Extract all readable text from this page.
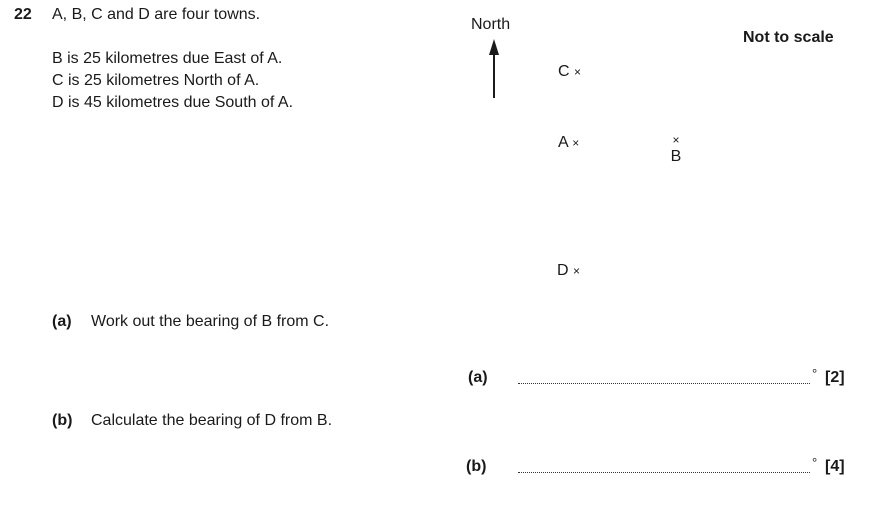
22 A, B, C and D are four towns.
B is 25 kilometres due East of A.
C is 25 kilometres North of A.
D is 45 kilometres due South of A.
North
Not to scale
C ×
A ×	×
B
D ×
(a) Work out the bearing of B from C.
(a)	° [2]
(b) Calculate the bearing of D from B.
(b)	° [4]
